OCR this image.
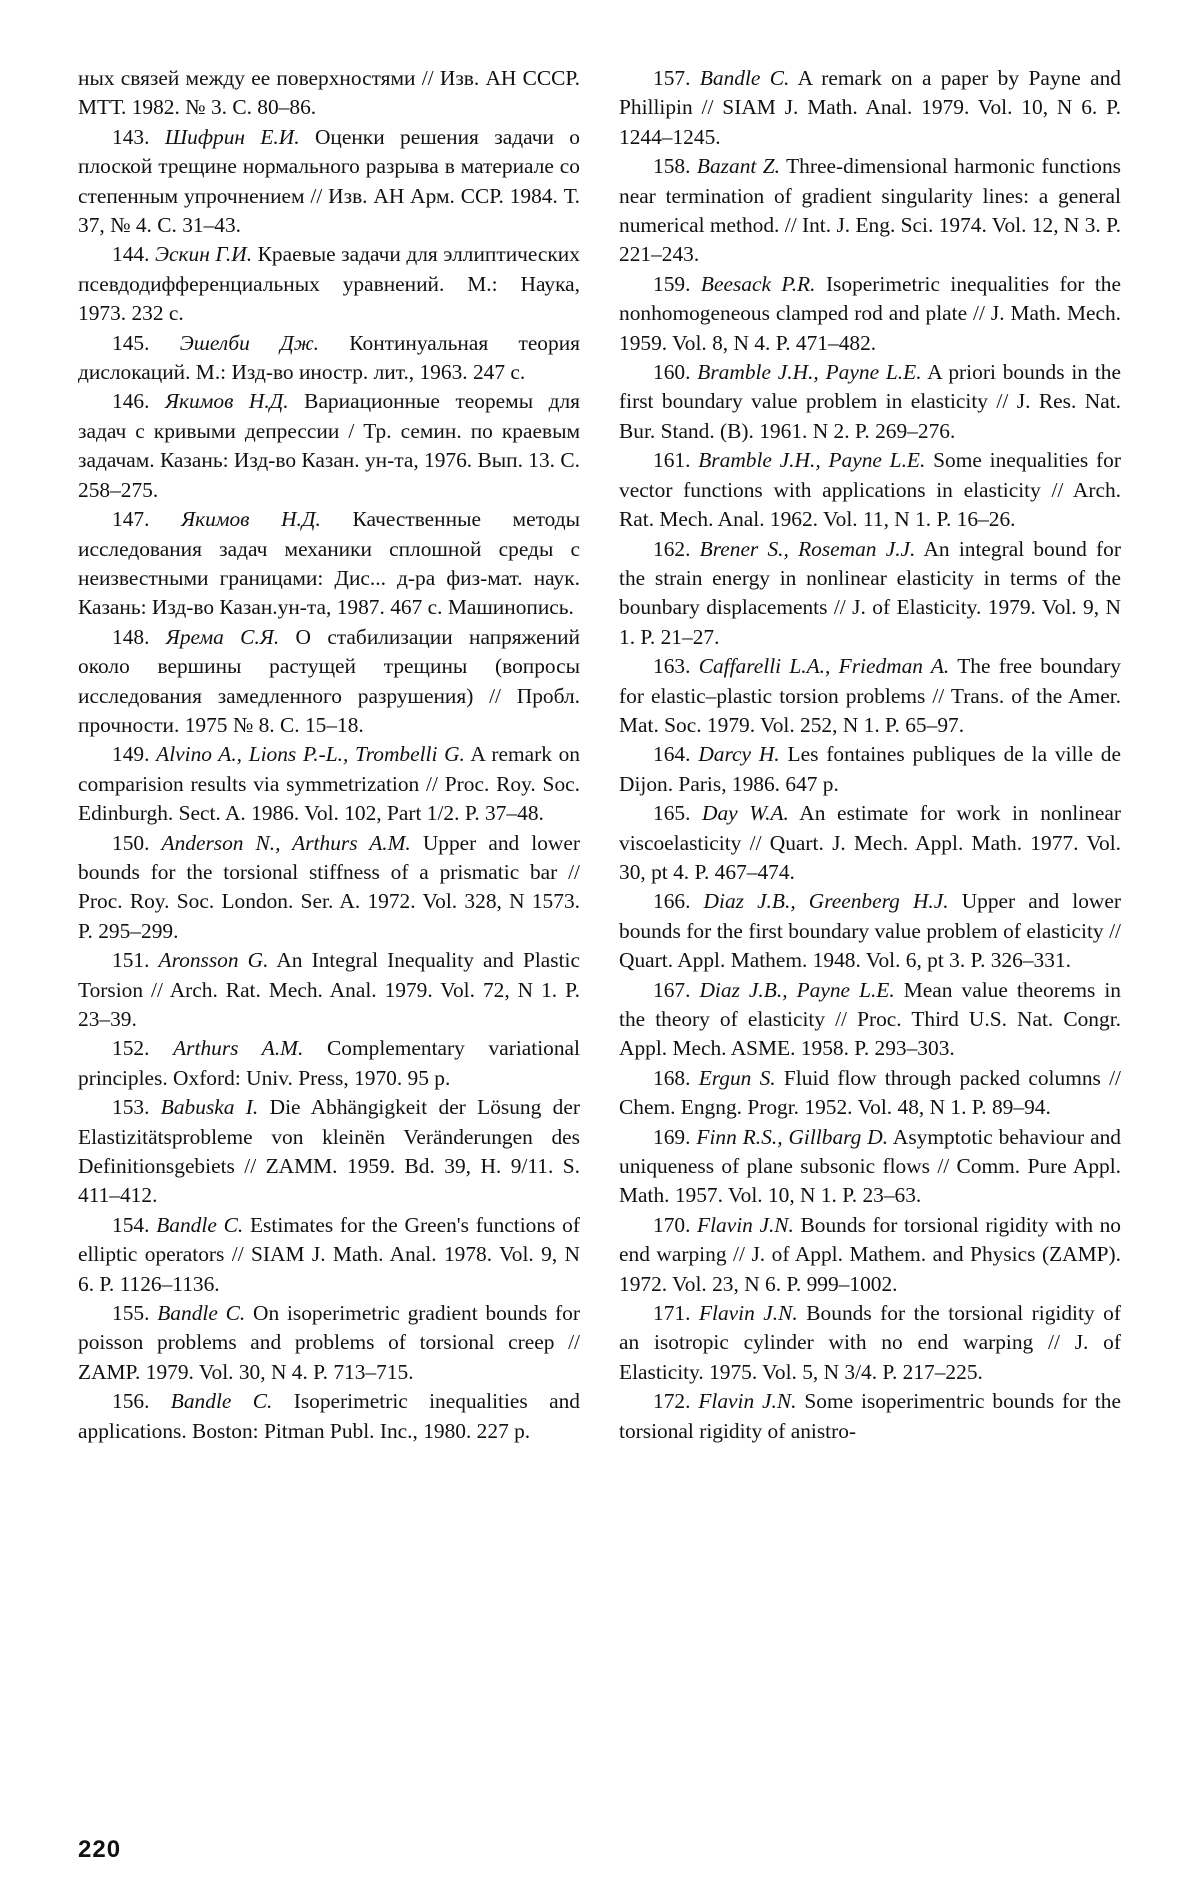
ных связей между ее поверхностями // Изв. АН СССР. МТТ. 1982. № 3. С. 80–86.

143. Шифрин Е.И. Оценки решения задачи о плоской трещине нормального разрыва в материале со степенным упрочнением // Изв. АН Арм. ССР. 1984. Т. 37, № 4. С. 31–43.

144. Эскин Г.И. Краевые задачи для эллиптических псевдодифференциальных уравнений. М.: Наука, 1973. 232 с.

145. Эшелби Дж. Континуальная теория дислокаций. М.: Изд-во иностр. лит., 1963. 247 с.

146. Якимов Н.Д. Вариационные теоремы для задач с кривыми депрессии / Тр. семин. по краевым задачам. Казань: Изд-во Казан. ун-та, 1976. Вып. 13. С. 258–275.

147. Якимов Н.Д. Качественные методы исследования задач механики сплошной среды с неизвестными границами: Дис... д-ра физ-мат. наук. Казань: Изд-во Казан.ун-та, 1987. 467 с. Машинопись.

148. Ярема С.Я. О стабилизации напряжений около вершины растущей трещины (вопросы исследования замедленного разрушения) // Пробл. прочности. 1975 № 8. С. 15–18.

149. Alvino A., Lions P.-L., Trombelli G. A remark on comparision results via symmetrization // Proc. Roy. Soc. Edinburgh. Sect. A. 1986. Vol. 102, Part 1/2. P. 37–48.

150. Anderson N., Arthurs A.M. Upper and lower bounds for the torsional stiffness of a prismatic bar // Proc. Roy. Soc. London. Ser. A. 1972. Vol. 328, N 1573. P. 295–299.

151. Aronsson G. An Integral Inequality and Plastic Torsion // Arch. Rat. Mech. Anal. 1979. Vol. 72, N 1. P. 23–39.

152. Arthurs A.M. Complementary variational principles. Oxford: Univ. Press, 1970. 95 p.

153. Babuska I. Die Abhängigkeit der Lösung der Elastizitätsprobleme von kleinën Veränderungen des Definitionsgebiets // ZAMM. 1959. Bd. 39, H. 9/11. S. 411–412.

154. Bandle C. Estimates for the Green's functions of elliptic operators // SIAM J. Math. Anal. 1978. Vol. 9, N 6. P. 1126–1136.

155. Bandle C. On isoperimetric gradient bounds for poisson problems and problems of torsional creep // ZAMP. 1979. Vol. 30, N 4. P. 713–715.

156. Bandle C. Isoperimetric inequalities and applications. Boston: Pitman Publ. Inc., 1980. 227 p.

157. Bandle C. A remark on a paper by Payne and Phillipin // SIAM J. Math. Anal. 1979. Vol. 10, N 6. P. 1244–1245.

158. Bazant Z. Three-dimensional harmonic functions near termination of gradient singularity lines: a general numerical method. // Int. J. Eng. Sci. 1974. Vol. 12, N 3. P. 221–243.

159. Beesack P.R. Isoperimetric inequalities for the nonhomogeneous clamped rod and plate // J. Math. Mech. 1959. Vol. 8, N 4. P. 471–482.

160. Bramble J.H., Payne L.E. A priori bounds in the first boundary value problem in elasticity // J. Res. Nat. Bur. Stand. (B). 1961. N 2. P. 269–276.

161. Bramble J.H., Payne L.E. Some inequalities for vector functions with applications in elasticity // Arch. Rat. Mech. Anal. 1962. Vol. 11, N 1. P. 16–26.

162. Brener S., Roseman J.J. An integral bound for the strain energy in nonlinear elasticity in terms of the bounbary displacements // J. of Elasticity. 1979. Vol. 9, N 1. P. 21–27.

163. Caffarelli L.A., Friedman A. The free boundary for elastic–plastic torsion problems // Trans. of the Amer. Mat. Soc. 1979. Vol. 252, N 1. P. 65–97.

164. Darcy H. Les fontaines publiques de la ville de Dijon. Paris, 1986. 647 p.

165. Day W.A. An estimate for work in nonlinear viscoelasticity // Quart. J. Mech. Appl. Math. 1977. Vol. 30, pt 4. P. 467–474.

166. Diaz J.B., Greenberg H.J. Upper and lower bounds for the first boundary value problem of elasticity // Quart. Appl. Mathem. 1948. Vol. 6, pt 3. P. 326–331.

167. Diaz J.B., Payne L.E. Mean value theorems in the theory of elasticity // Proc. Third U.S. Nat. Congr. Appl. Mech. ASME. 1958. P. 293–303.

168. Ergun S. Fluid flow through packed columns // Chem. Engng. Progr. 1952. Vol. 48, N 1. P. 89–94.

169. Finn R.S., Gillbarg D. Asymptotic behaviour and uniqueness of plane subsonic flows // Comm. Pure Appl. Math. 1957. Vol. 10, N 1. P. 23–63.

170. Flavin J.N. Bounds for torsional rigidity with no end warping // J. of Appl. Mathem. and Physics (ZAMP). 1972. Vol. 23, N 6. P. 999–1002.

171. Flavin J.N. Bounds for the torsional rigidity of an isotropic cylinder with no end warping // J. of Elasticity. 1975. Vol. 5, N 3/4. P. 217–225.

172. Flavin J.N. Some isoperimentric bounds for the torsional rigidity of anistro-

220
